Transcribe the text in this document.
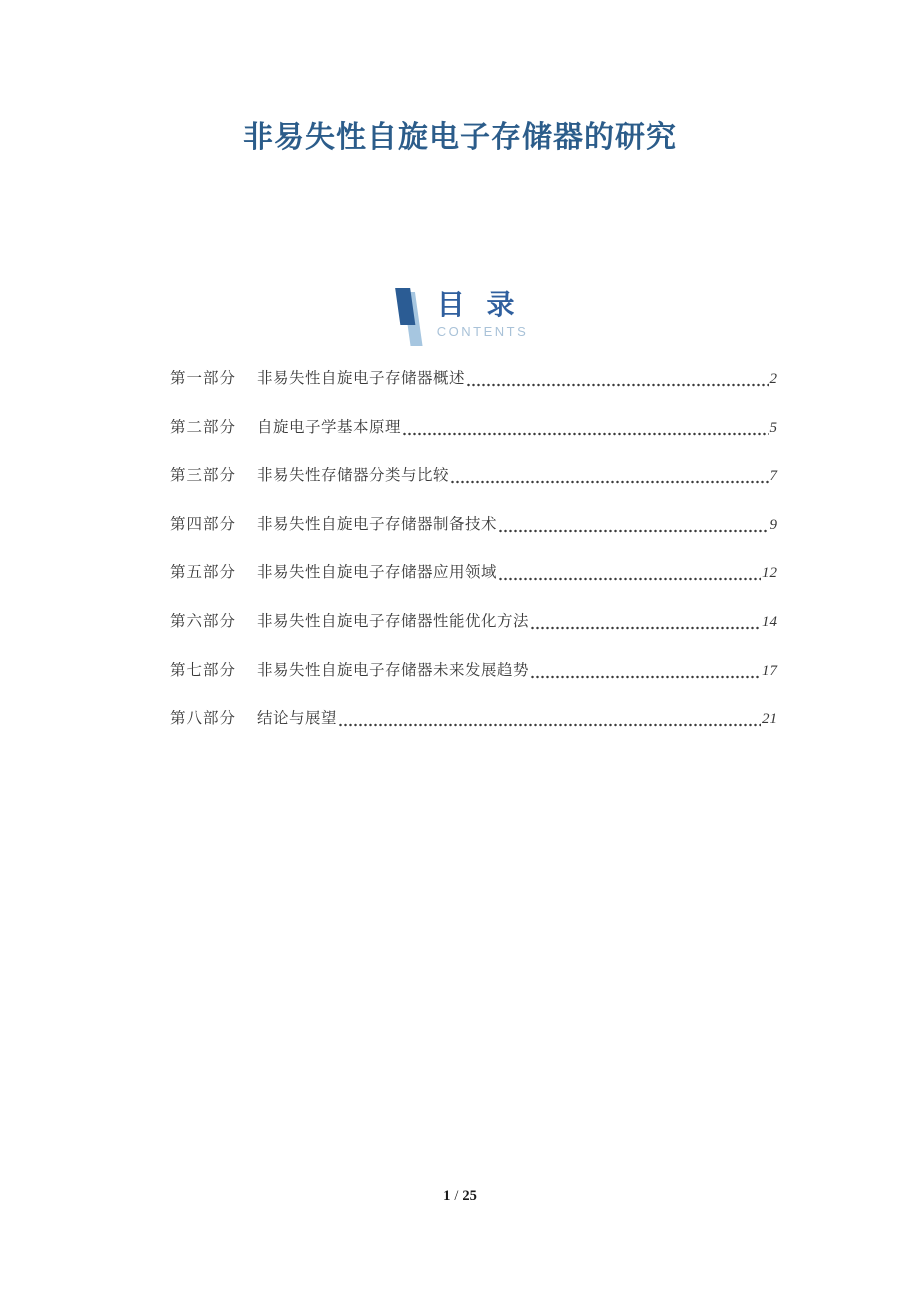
非易失性自旋电子存储器的研究
目 录
CONTENTS
第一部分 非易失性自旋电子存储器概述	2
第二部分 自旋电子学基本原理	5
第三部分 非易失性存储器分类与比较	7
第四部分 非易失性自旋电子存储器制备技术	9
第五部分 非易失性自旋电子存储器应用领域	12
第六部分 非易失性自旋电子存储器性能优化方法	14
第七部分 非易失性自旋电子存储器未来发展趋势	17
第八部分 结论与展望	21
1 / 25
